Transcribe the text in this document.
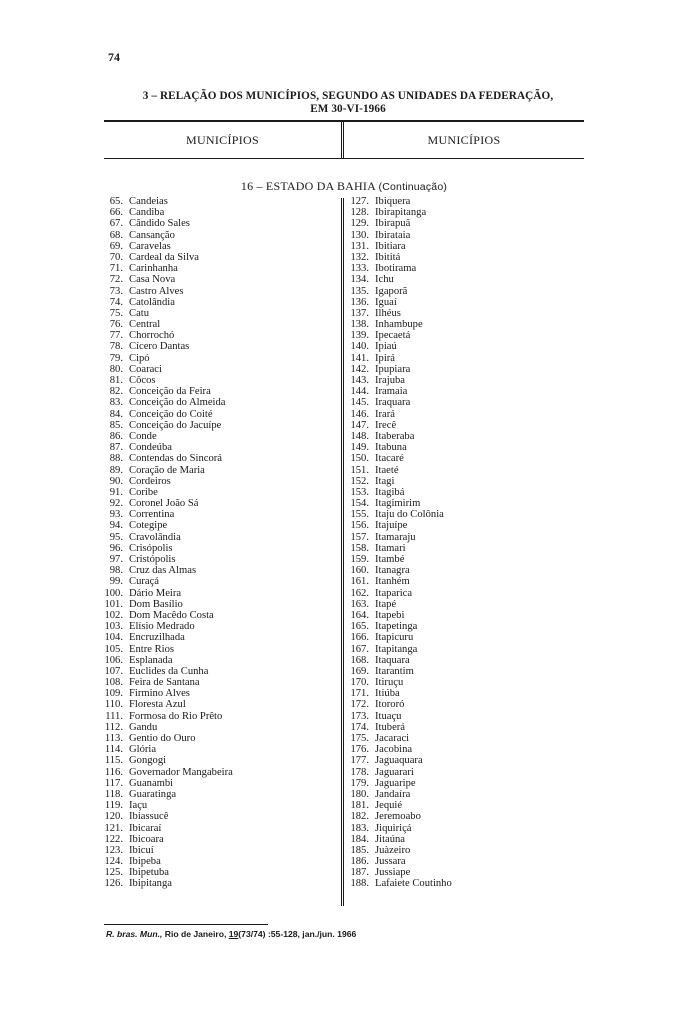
74
3 – RELAÇÃO DOS MUNICÍPIOS, SEGUNDO AS UNIDADES DA FEDERAÇÃO,
EM 30-VI-1966
MUNICÍPIOS	MUNICÍPIOS
16 – ESTADO DA BAHIA (Continuação)
65. Candeias
66. Candiba
67. Cândido Sales
68. Cansanção
69. Caravelas
70. Cardeal da Silva
71. Carinhanha
72. Casa Nova
73. Castro Alves
74. Catolândia
75. Catu
76. Central
77. Chorrochó
78. Cícero Dantas
79. Cipó
80. Coaraci
81. Côcos
82. Conceição da Feira
83. Conceição do Almeida
84. Conceição do Coité
85. Conceição do Jacuípe
86. Conde
87. Condeúba
88. Contendas do Sincorá
89. Coração de Maria
90. Cordeiros
91. Coribe
92. Coronel João Sá
93. Correntina
94. Cotegipe
95. Cravolândia
96. Crisópolis
97. Cristópolis
98. Cruz das Almas
99. Curaçá
100. Dário Meira
101. Dom Basílio
102. Dom Macêdo Costa
103. Elísio Medrado
104. Encruzilhada
105. Entre Rios
106. Esplanada
107. Euclides da Cunha
108. Feira de Santana
109. Firmino Alves
110. Floresta Azul
111. Formosa do Rio Prêto
112. Gandu
113. Gentio do Ouro
114. Glória
115. Gongogi
116. Governador Mangabeira
117. Guanambi
118. Guaratinga
119. Iaçu
120. Ibiassucê
121. Ibicaraí
122. Ibicoara
123. Ibicuí
124. Ibipeba
125. Ibipetuba
126. Ibipitanga
127. Ibiquera
128. Ibirapitanga
129. Ibirapuã
130. Ibirataia
131. Ibitiara
132. Ibititá
133. Ibotirama
134. Ichu
135. Igaporã
136. Iguaí
137. Ilhéus
138. Inhambupe
139. Ipecaetá
140. Ipiaú
141. Ipirá
142. Ipupiara
143. Irajuba
144. Iramaia
145. Iraquara
146. Irará
147. Irecê
148. Itaberaba
149. Itabuna
150. Itacaré
151. Itaeté
152. Itagi
153. Itagibá
154. Itagimirim
155. Itaju do Colônia
156. Itajuípe
157. Itamaraju
158. Itamari
159. Itambé
160. Itanagra
161. Itanhém
162. Itaparica
163. Itapé
164. Itapebi
165. Itapetinga
166. Itapicuru
167. Itapitanga
168. Itaquara
169. Itarantim
170. Itiruçu
171. Itiúba
172. Itororó
173. Ituaçu
174. Ituberá
175. Jacaraci
176. Jacobina
177. Jaguaquara
178. Jaguarari
179. Jaguaripe
180. Jandaíra
181. Jequié
182. Jeremoabo
183. Jiquiriçá
184. Jitaúna
185. Juàzeiro
186. Jussara
187. Jussiape
188. Lafaiete Coutinho
R. bras. Mun., Rio de Janeiro, 19(73/74) :55-128, jan./jun. 1966
